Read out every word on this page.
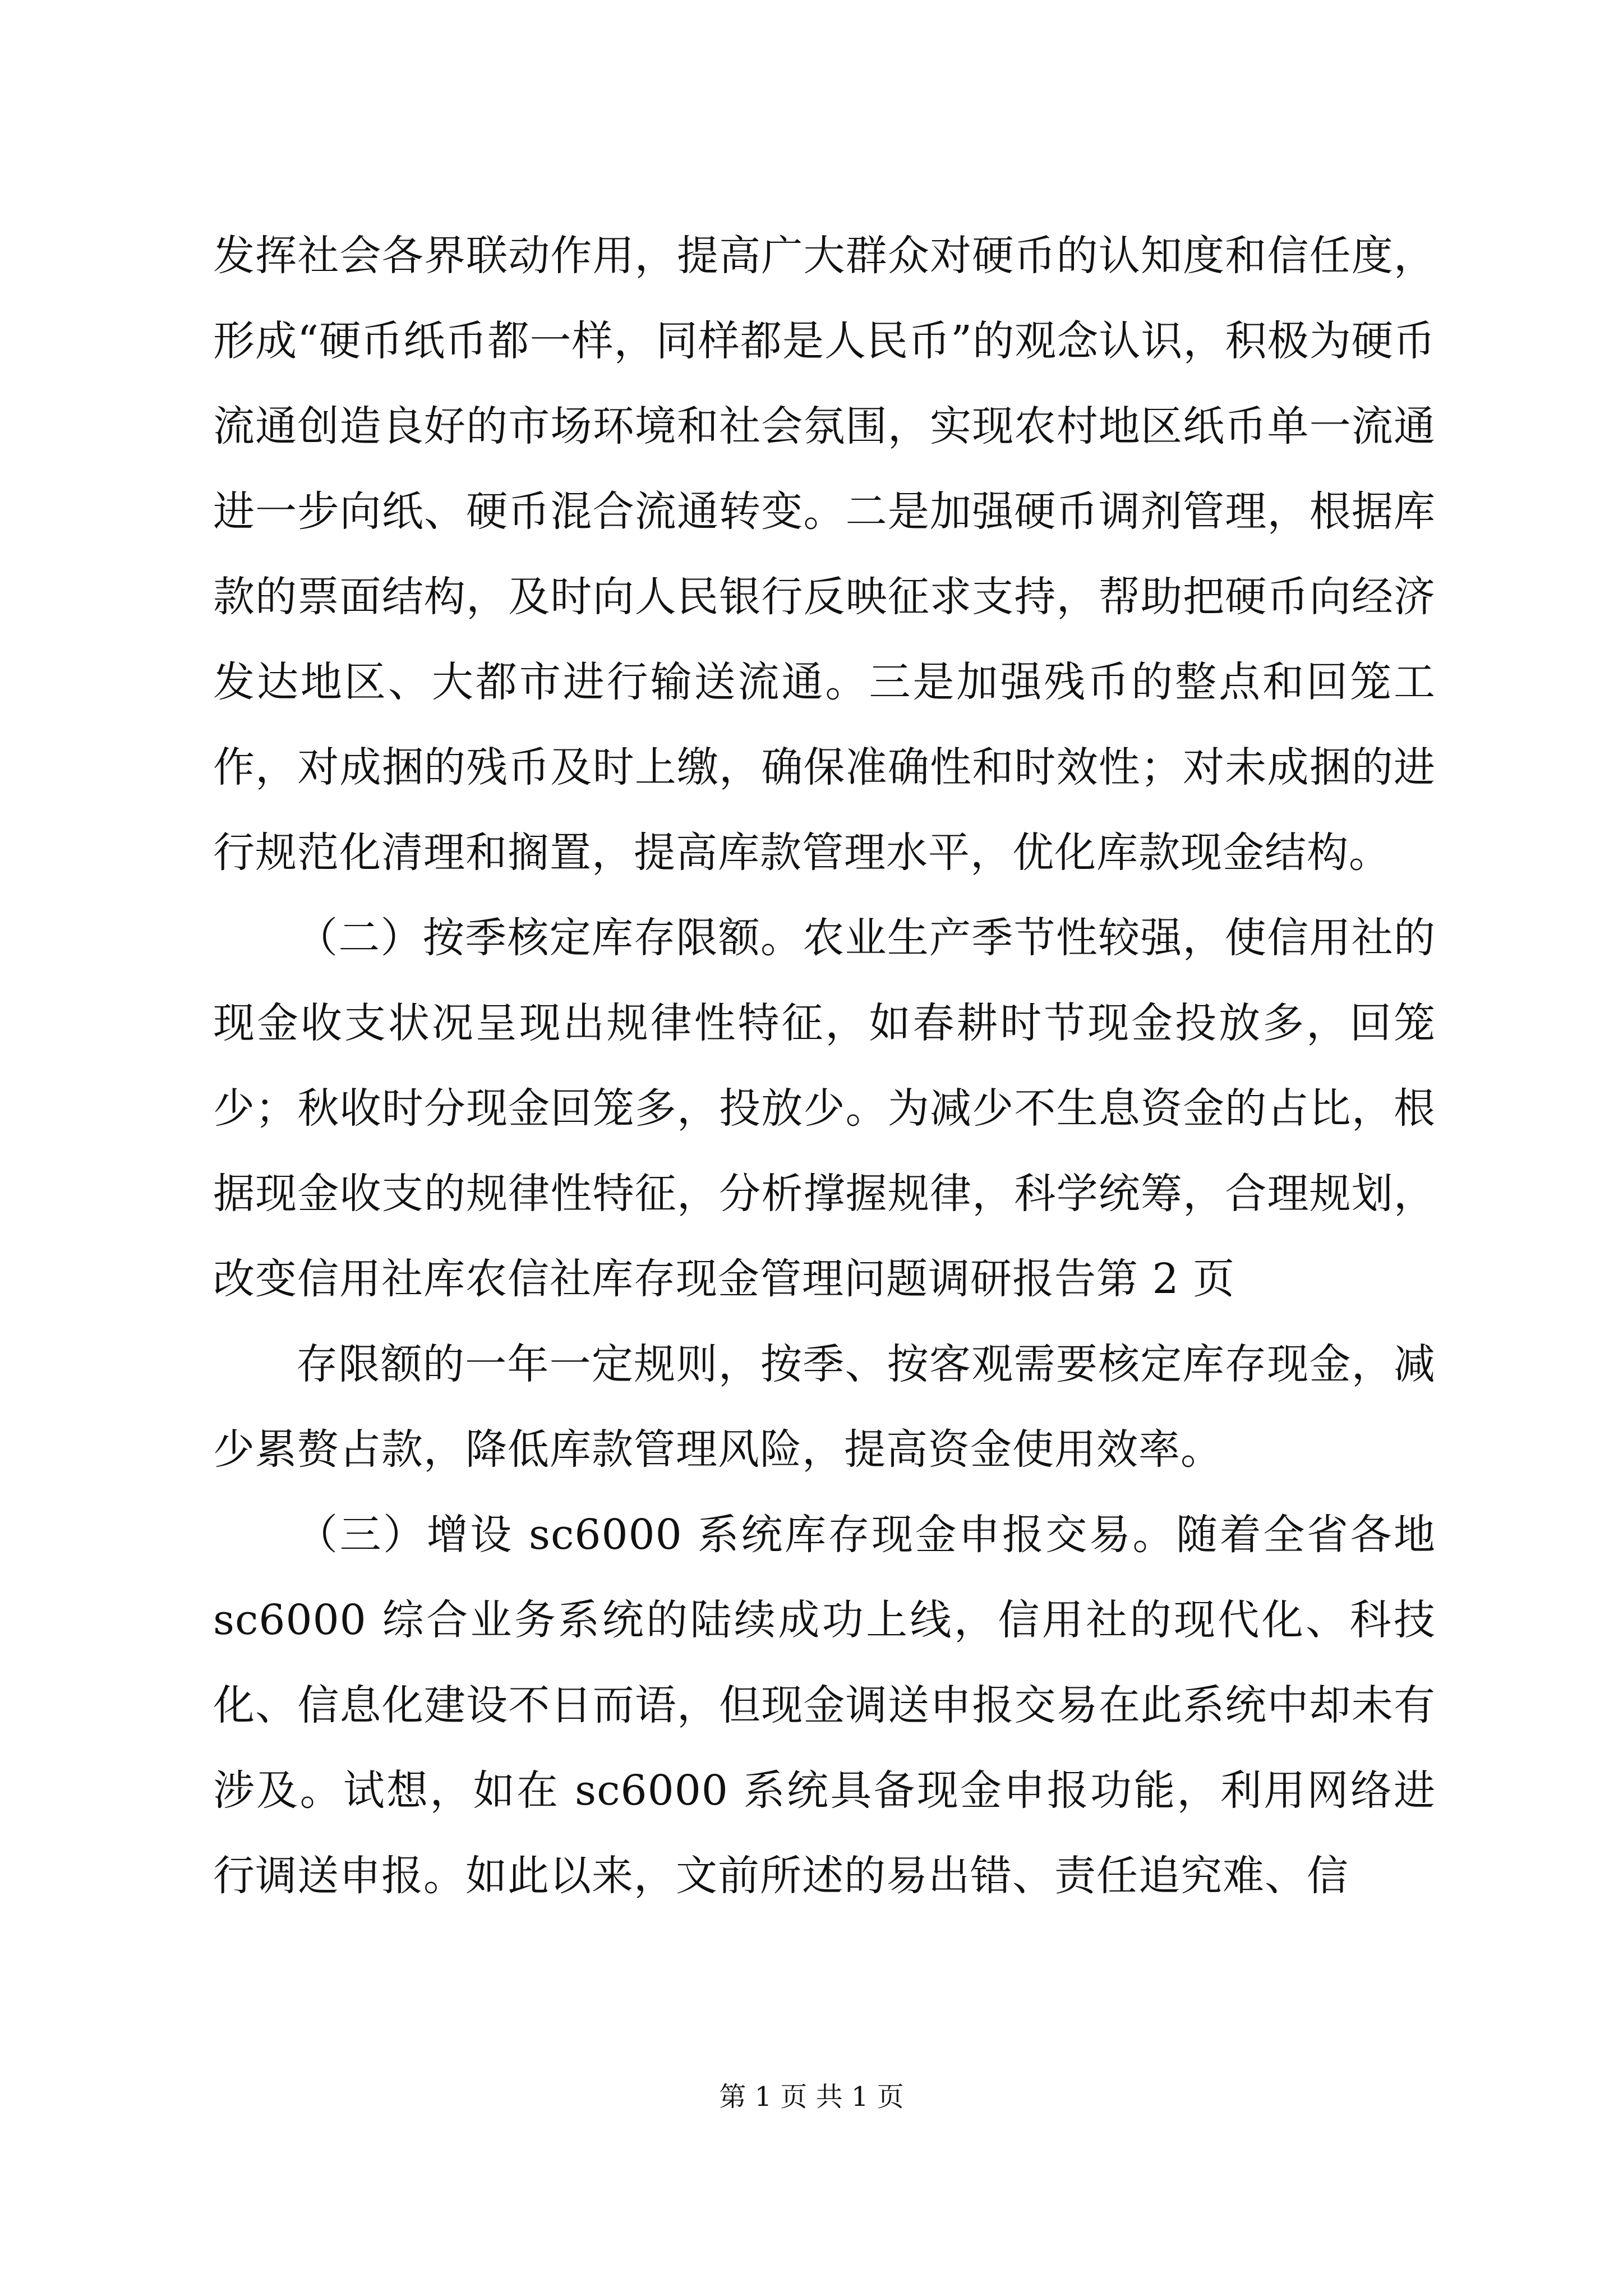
发挥社会各界联动作用，提高广大群众对硬币的认知度和信任度，形成“硬币纸币都一样，同样都是人民币”的观念认识，积极为硬币流通创造良好的市场环境和社会氛围，实现农村地区纸币单一流通进一步向纸、硬币混合流通转变。二是加强硬币调剂管理，根据库款的票面结构，及时向人民银行反映征求支持，帮助把硬币向经济发达地区、大都市进行输送流通。三是加强残币的整点和回笼工作，对成捆的残币及时上缴，确保准确性和时效性；对未成捆的进行规范化清理和搁置，提高库款管理水平，优化库款现金结构。

（二）按季核定库存限额。农业生产季节性较强，使信用社的现金收支状况呈现出规律性特征，如春耕时节现金投放多，回笼少；秋收时分现金回笼多，投放少。为减少不生息资金的占比，根据现金收支的规律性特征，分析撑握规律，科学统筹，合理规划，改变信用社库农信社库存现金管理问题调研报告第 2 页

存限额的一年一定规则，按季、按客观需要核定库存现金，减少累赘占款，降低库款管理风险，提高资金使用效率。

（三）增设 sc6000 系统库存现金申报交易。随着全省各地 sc6000 综合业务系统的陆续成功上线，信用社的现代化、科技化、信息化建设不日而语，但现金调送申报交易在此系统中却未有涉及。试想，如在 sc6000 系统具备现金申报功能，利用网络进行调送申报。如此以来，文前所述的易出错、责任追究难、信

第 1 页 共 1 页
